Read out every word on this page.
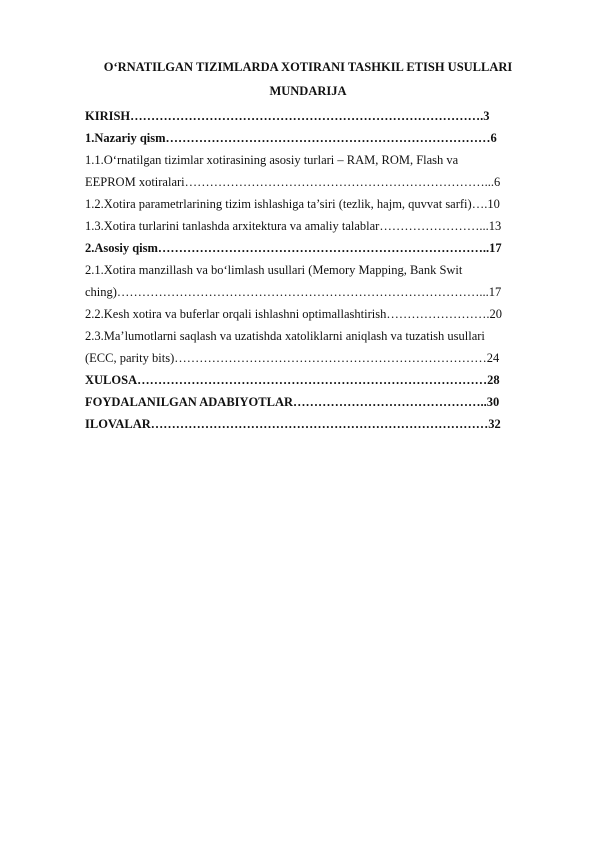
O‘RNATILGAN TIZIMLARDA XOTIRANI TASHKIL ETISH USULLARI
MUNDARIJA
KIRISH………………………………………………………………………….3
1.Nazariy qism……………………………………………………………………6
1.1.O‘rnatilgan tizimlar xotirasining asosiy turlari – RAM, ROM, Flash va
EEPROM xotiralari………………………………………………………………...6
1.2.Xotira parametrlarining tizim ishlashiga ta’siri (tezlik, hajm, quvvat sarfi)….10
1.3.Xotira turlarini tanlashda arxitektura va amaliy talablar……………………...13
2.Asosiy qism……………………………………………………………………..17
2.1.Xotira manzillash va bo‘limlash usullari (Memory Mapping, Bank Swit
ching)……………………………………………………………………………...17
2.2.Kesh xotira va buferlar orqali ishlashni optimallashtirish…………………….20
2.3.Ma’lumotlarni saqlash va uzatishda xatoliklarni aniqlash va tuzatish usullari
(ECC, parity bits)…………………………………………………………………24
XULOSA…………………………………………………………………………28
FOYDALANILGAN ADABIYOTLAR………………………………………..30
ILOVALAR………………………………………………………………………32
